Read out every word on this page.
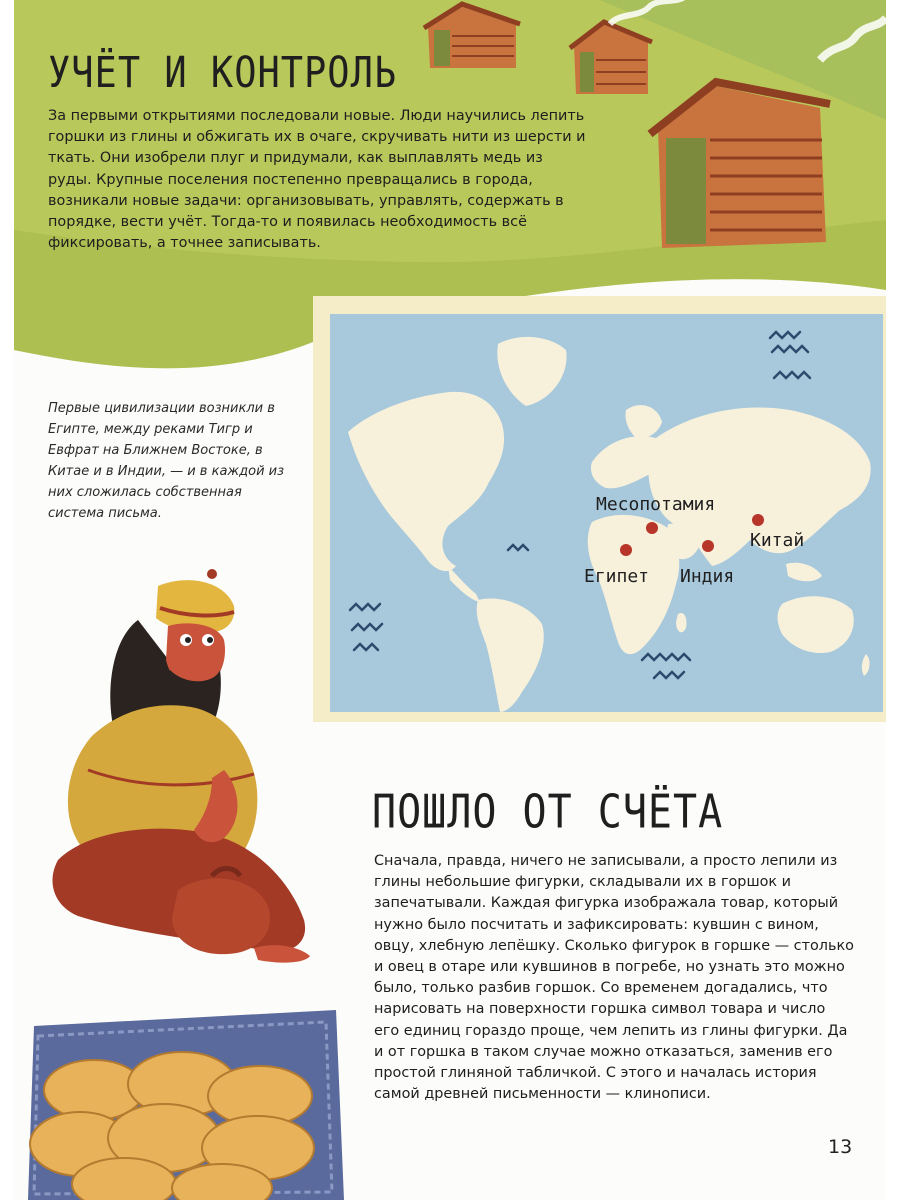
УЧЁТ И КОНТРОЛЬ

За первыми открытиями последовали новые. Люди научились лепить горшки из глины и обжигать их в очаге, скручивать нити из шерсти и ткать. Они изобрели плуг и придумали, как выплавлять медь из руды. Крупные поселения постепенно превращались в города, возникали новые задачи: организовывать, управлять, содержать в порядке, вести учёт. Тогда-то и появилась необходимость всё фиксировать, а точнее записывать.

Первые цивилизации возникли в Египте, между реками Тигр и Евфрат на Ближнем Востоке, в Китае и в Индии, — и в каждой из них сложилась собственная система письма.	Месопотамия
Египет Индия
Китай
ПОШЛО ОТ СЧЁТА

Сначала, правда, ничего не записывали, а просто лепили из глины небольшие фигурки, складывали их в горшок и запечатывали. Каждая фигурка изображала товар, который нужно было посчитать и зафиксировать: кувшин с вином, овцу, хлебную лепёшку. Сколько фигурок в горшке — столько и овец в отаре или кувшинов в погребе, но узнать это можно было, только разбив горшок. Со временем догадались, что нарисовать на поверхности горшка символ товара и число его единиц гораздо проще, чем лепить из глины фигурки. Да и от горшка в таком случае можно отказаться, заменив его простой глиняной табличкой. С этого и началась история самой древней письменности — клинописи.

13
